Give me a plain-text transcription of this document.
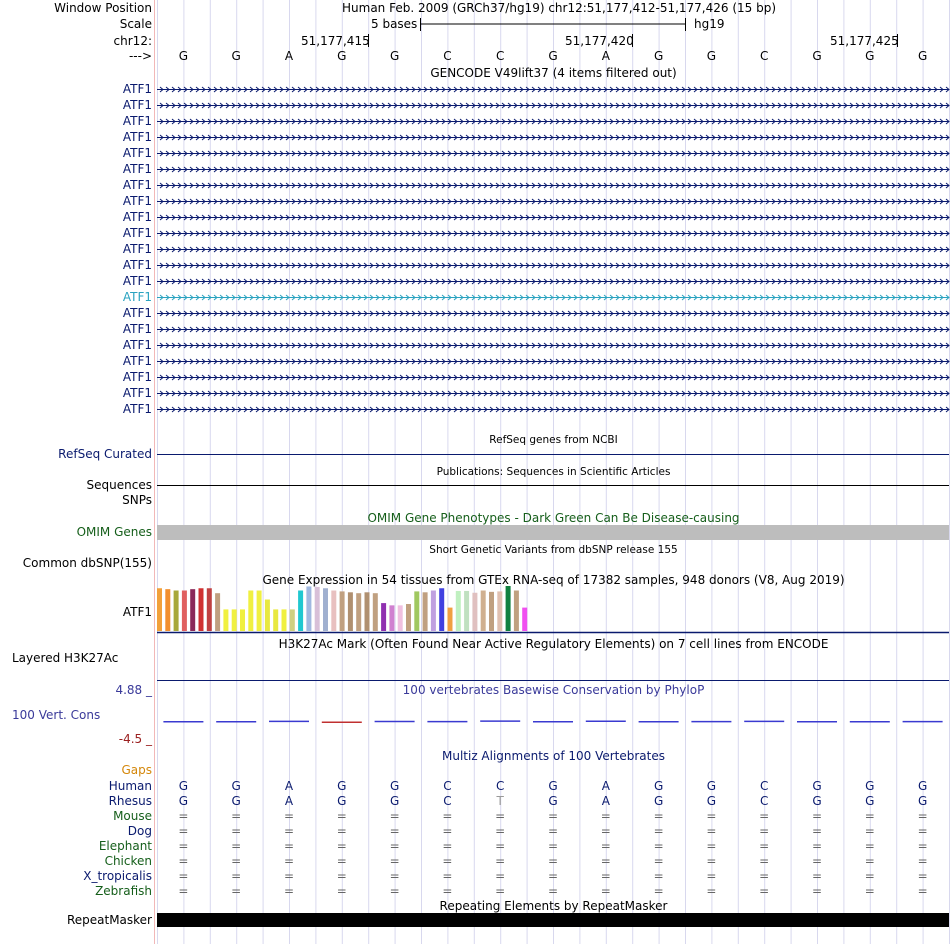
Window Position	Human Feb. 2009 (GRCh37/hg19) chr12:51,177,412-51,177,426 (15 bp)
Scale	5 bases	hg19
chr12:	51,177,415	51,177,420	51,177,425
---> G	G	A	G	G	C	C	G	A	G	G	C	G	G	G
GENCODE V49lift37 (4 items filtered out)
ATF1
ATF1
ATF1
ATF1
ATF1
ATF1
ATF1
ATF1
ATF1
ATF1
ATF1
ATF1
ATF1
ATF1
ATF1
ATF1
ATF1
ATF1
ATF1
ATF1
ATF1
RefSeq genes from NCBI
RefSeq Curated
Publications: Sequences in Scientific Articles
Sequences
SNPs
OMIM Gene Phenotypes - Dark Green Can Be Disease-causing
OMIM Genes
Short Genetic Variants from dbSNP release 155
Common dbSNP(155)
Gene Expression in 54 tissues from GTEx RNA-seq of 17382 samples, 948 donors (V8, Aug 2019)
ATF1
H3K27Ac Mark (Often Found Near Active Regulatory Elements) on 7 cell lines from ENCODE
Layered H3K27Ac
4.88 _	100 vertebrates Basewise Conservation by PhyloP
100 Vert. Cons
-4.5 _
Multiz Alignments of 100 Vertebrates
Gaps
Human G	G	A	G	G	C	C	G	A	G	G	C	G	G	G
Rhesus G	G	A	G	G	C	T	G	A	G	G	C	G	G	G
Mouse =	=	=	=	=	=	=	=	=	=	=	=	=	=	=
Dog =	=	=	=	=	=	=	=	=	=	=	=	=	=	=
Elephant =	=	=	=	=	=	=	=	=	=	=	=	=	=	=
Chicken =	=	=	=	=	=	=	=	=	=	=	=	=	=	=
X_tropicalis =	=	=	=	=	=	=	=	=	=	=	=	=	=	=
Zebrafish =	=	=	=	=	=	=	=	=	=	=	=	=	=	=
Repeating Elements by RepeatMasker
RepeatMasker
